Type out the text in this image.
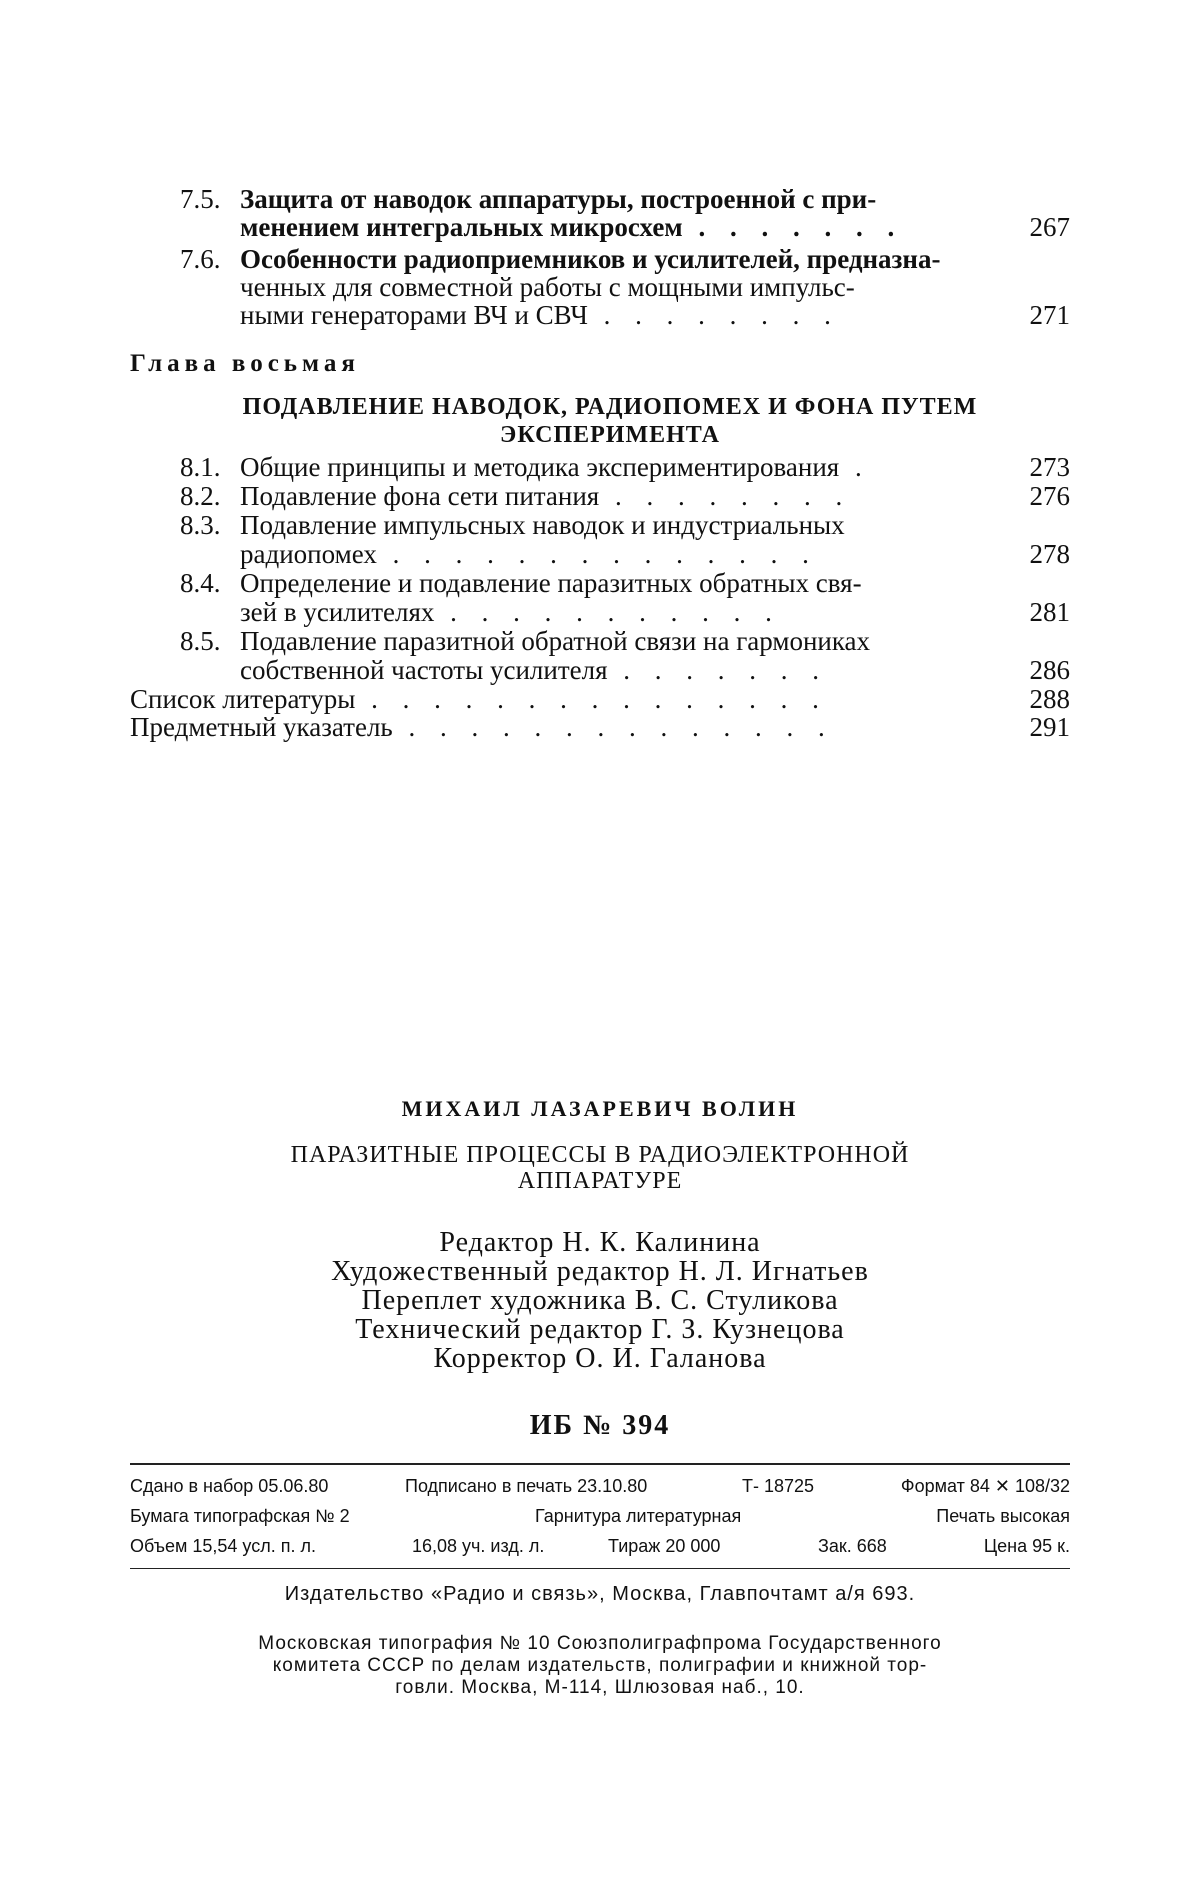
7.5. Защита от наводок аппаратуры, построенной с при-
менением интегральных микросхем . . . . . . .	267
7.6. Особенности радиоприемников и усилителей, предназна-
ченных для совместной работы с мощными импульс-
ными генераторами ВЧ и СВЧ . . . . . . . .	271
Глава восьмая
ПОДАВЛЕНИЕ НАВОДОК, РАДИОПОМЕХ И ФОНА ПУТЕМ
ЭКСПЕРИМЕНТА
8.1. Общие принципы и методика экспериментирования .	273
8.2. Подавление фона сети питания . . . . . . . .	276
8.3. Подавление импульсных наводок и индустриальных
радиопомех . . . . . . . . . . . . . .	278
8.4. Определение и подавление паразитных обратных свя-
зей в усилителях . . . . . . . . . . .	281
8.5. Подавление паразитной обратной связи на гармониках
собственной частоты усилителя . . . . . . .	286
Список литературы . . . . . . . . . . . . . . .	288
Предметный указатель . . . . . . . . . . . . . .	291
МИХАИЛ ЛАЗАРЕВИЧ ВОЛИН
ПАРАЗИТНЫЕ ПРОЦЕССЫ В РАДИОЭЛЕКТРОННОЙ
АППАРАТУРЕ
Редактор Н. К. Калинина
Художественный редактор Н. Л. Игнатьев
Переплет художника В. С. Стуликова
Технический редактор Г. З. Кузнецова
Корректор О. И. Галанова
ИБ № 394
Сдано в набор 05.06.80	Подписано в печать 23.10.80	Т- 18725	Формат 84 ✕ 108/32
Бумага типографская № 2	Гарнитура литературная	Печать высокая
Объем 15,54 усл. п. л.	16,08 уч. изд. л.	Тираж 20 000	Зак. 668	Цена 95 к.
Издательство «Радио и связь», Москва, Главпочтамт а/я 693.
Московская типография № 10 Союзполиграфпрома Государственного
комитета СССР по делам издательств, полиграфии и книжной тор-
говли. Москва, М-114, Шлюзовая наб., 10.
